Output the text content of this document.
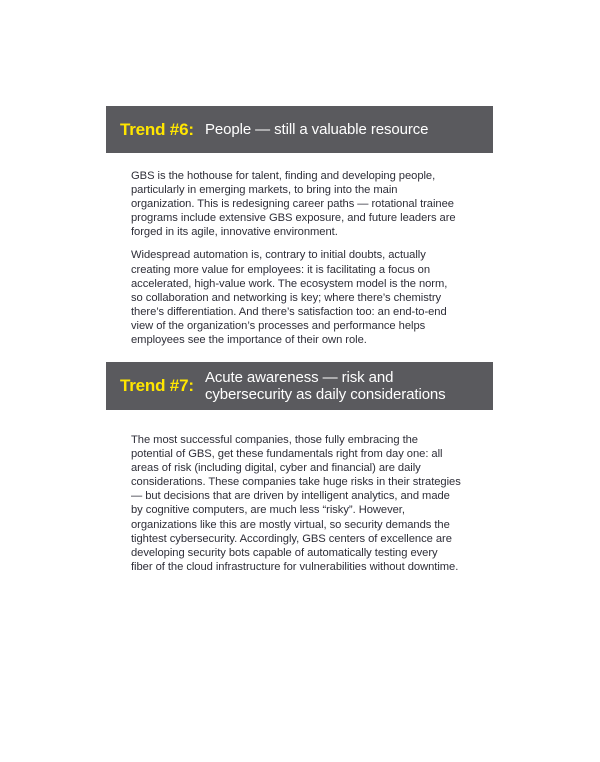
Trend #6: People — still a valuable resource

GBS is the hothouse for talent, finding and developing people, particularly in emerging markets, to bring into the main organization. This is redesigning career paths — rotational trainee programs include extensive GBS exposure, and future leaders are forged in its agile, innovative environment.

Widespread automation is, contrary to initial doubts, actually creating more value for employees: it is facilitating a focus on accelerated, high-value work. The ecosystem model is the norm, so collaboration and networking is key; where there’s chemistry there’s differentiation. And there’s satisfaction too: an end-to-end view of the organization’s processes and performance helps employees see the importance of their own role.

Trend #7: Acute awareness — risk and cybersecurity as daily considerations

The most successful companies, those fully embracing the potential of GBS, get these fundamentals right from day one: all areas of risk (including digital, cyber and financial) are daily considerations. These companies take huge risks in their strategies — but decisions that are driven by intelligent analytics, and made by cognitive computers, are much less “risky”. However, organizations like this are mostly virtual, so security demands the tightest cybersecurity. Accordingly, GBS centers of excellence are developing security bots capable of automatically testing every fiber of the cloud infrastructure for vulnerabilities without downtime.
